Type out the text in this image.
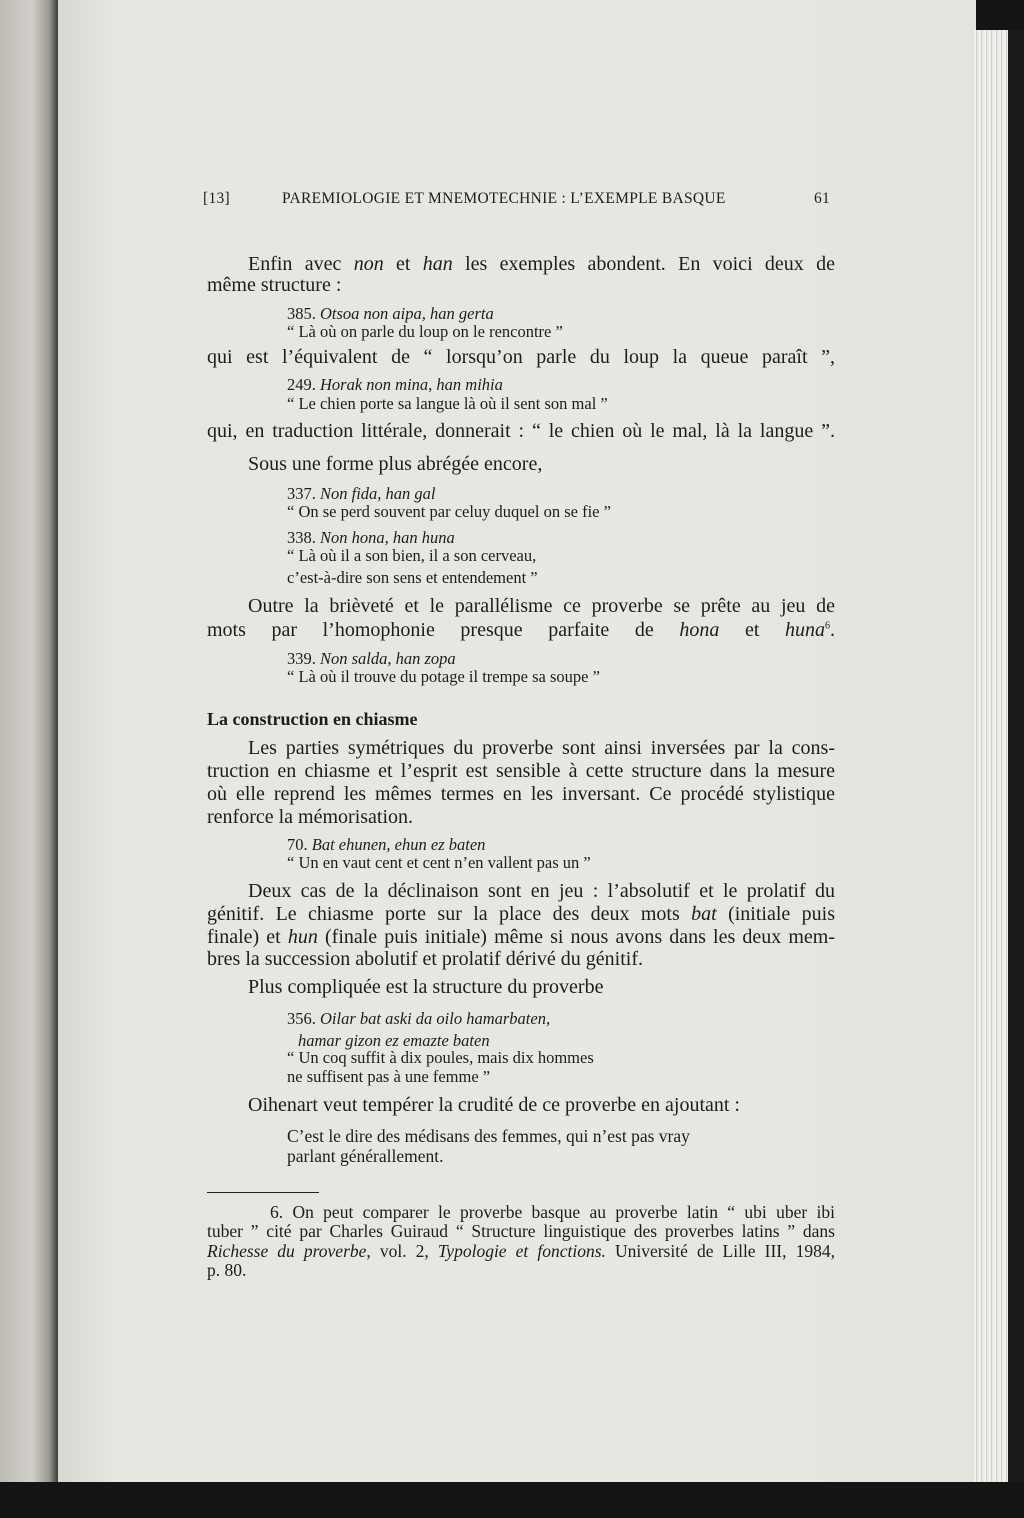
[13]	PAREMIOLOGIE ET MNEMOTECHNIE : L’EXEMPLE BASQUE	61
Enfin avec non et han les exemples abondent. En voici deux de
même structure :
385. Otsoa non aipa, han gerta
“ Là où on parle du loup on le rencontre ”
qui est l’équivalent de “ lorsqu’on parle du loup la queue paraît ”,
249. Horak non mina, han mihia
“ Le chien porte sa langue là où il sent son mal ”
qui, en traduction littérale, donnerait : “ le chien où le mal, là la langue ”.
Sous une forme plus abrégée encore,
337. Non fida, han gal
“ On se perd souvent par celuy duquel on se fie ”
338. Non hona, han huna
“ Là où il a son bien, il a son cerveau,
c’est-à-dire son sens et entendement ”
Outre la brièveté et le parallélisme ce proverbe se prête au jeu de
mots par l’homophonie presque parfaite de hona et huna$^6$.
339. Non salda, han zopa
“ Là où il trouve du potage il trempe sa soupe ”
La construction en chiasme
Les parties symétriques du proverbe sont ainsi inversées par la cons-
truction en chiasme et l’esprit est sensible à cette structure dans la mesure
où elle reprend les mêmes termes en les inversant. Ce procédé stylistique
renforce la mémorisation.
70. Bat ehunen, ehun ez baten
“ Un en vaut cent et cent n’en vallent pas un ”
Deux cas de la déclinaison sont en jeu : l’absolutif et le prolatif du
génitif. Le chiasme porte sur la place des deux mots bat (initiale puis
finale) et hun (finale puis initiale) même si nous avons dans les deux mem-
bres la succession abolutif et prolatif dérivé du génitif.
Plus compliquée est la structure du proverbe
356. Oilar bat aski da oilo hamarbaten,
hamar gizon ez emazte baten
“ Un coq suffit à dix poules, mais dix hommes
ne suffisent pas à une femme ”
Oihenart veut tempérer la crudité de ce proverbe en ajoutant :
C’est le dire des médisans des femmes, qui n’est pas vray
parlant générallement.
6. On peut comparer le proverbe basque au proverbe latin “ ubi uber ibi
tuber ” cité par Charles Guiraud “ Structure linguistique des proverbes latins ” dans
Richesse du proverbe, vol. 2, Typologie et fonctions. Université de Lille III, 1984,
p. 80.
